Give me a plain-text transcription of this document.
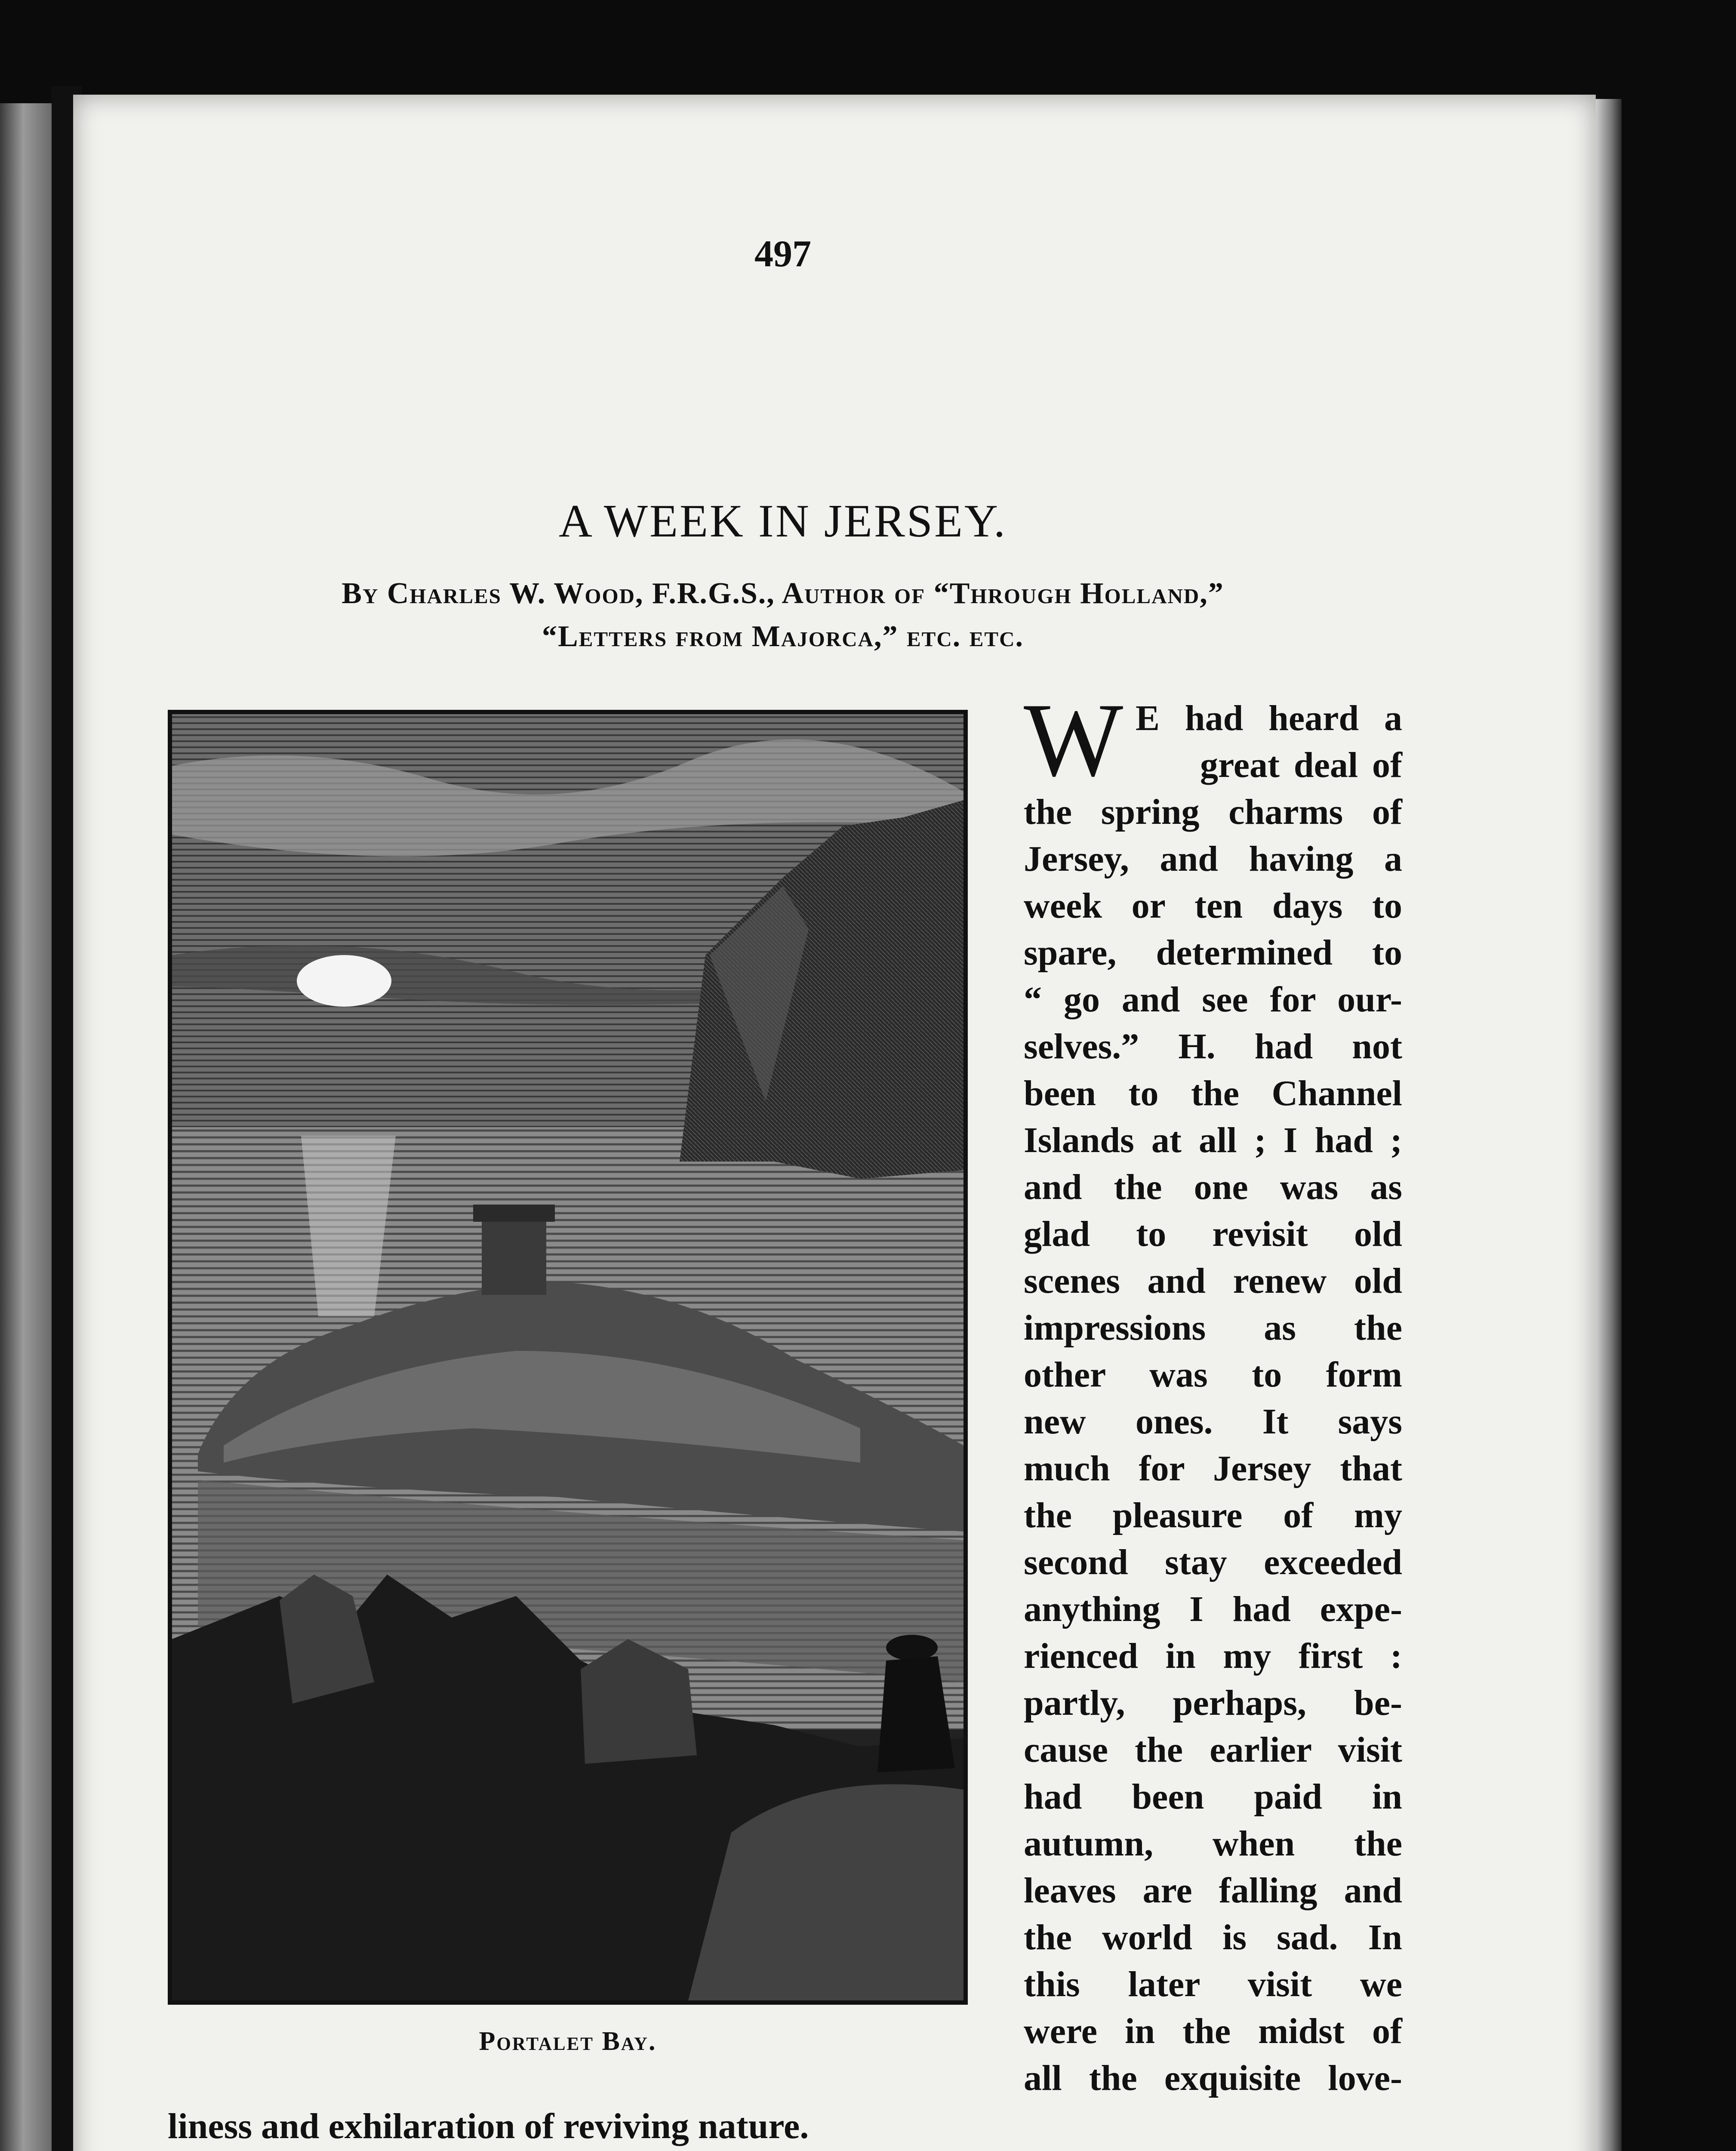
497
A WEEK IN JERSEY.
By Charles W. Wood, F.R.G.S., Author of “Through Holland,”
“Letters from Majorca,” etc. etc.
Portalet Bay.
W E had heard a
great deal of
the spring charms of
Jersey, and having a
week or ten days to
spare, determined to
“ go and see for our-
selves.” H. had not
been to the Channel
Islands at all ; I had ;
and the one was as
glad to revisit old
scenes and renew old
impressions as the
other was to form
new ones. It says
much for Jersey that
the pleasure of my
second stay exceeded
anything I had expe-
rienced in my first :
partly, perhaps, be-
cause the earlier visit
had been paid in
autumn, when the
leaves are falling and
the world is sad. In
this later visit we
were in the midst of
all the exquisite love-
liness and exhilaration of reviving nature.
